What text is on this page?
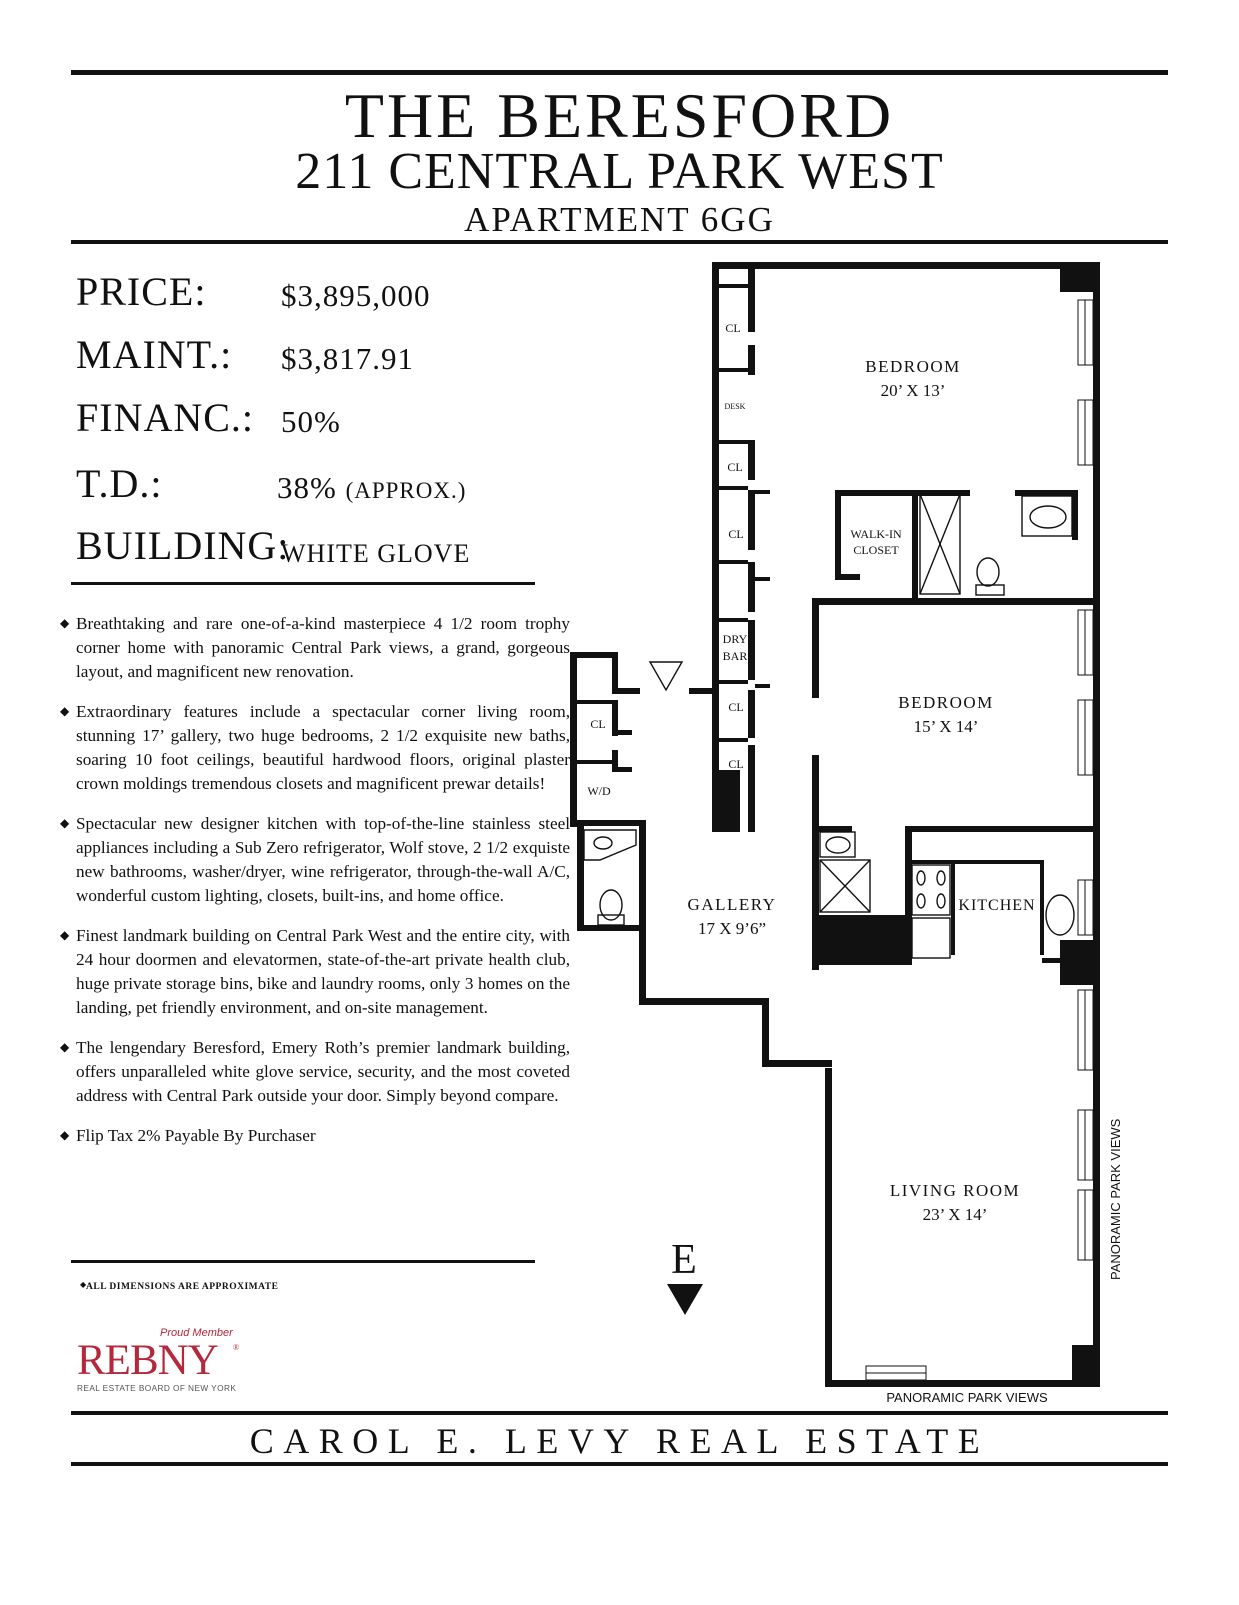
THE BERESFORD
211 CENTRAL PARK WEST
APARTMENT 6GG
PRICE: $3,895,000
MAINT.: $3,817.91
FINANC.: 50%
T.D.:	38% (APPROX.)
BUILDING:
WHITE GLOVE
◆ Breathtaking and rare one-of-a-kind masterpiece 4 1/2 room trophy corner home with panoramic Central Park views, a grand, gorgeous layout, and magnificent new renovation.
◆ Extraordinary features include a spectacular corner living room, stunning 17’ gallery, two huge bedrooms, 2 1/2 exquisite new baths, soaring 10 foot ceilings, beautiful hardwood floors, original plaster crown moldings tremendous closets and magnificent prewar details!
◆ Spectacular new designer kitchen with top-of-the-line stainless steel appliances including a Sub Zero refrigerator, Wolf stove, 2 1/2 exquiste new bathrooms, washer/dryer, wine refrigerator, through-the-wall A/C, wonderful custom lighting, closets, built-ins, and home office.
◆ Finest landmark building on Central Park West and the entire city, with 24 hour doormen and elevatormen, state-of-the-art private health club, huge private storage bins, bike and laundry rooms, only 3 homes on the landing, pet friendly environment, and on-site management.
◆ The lengendary Beresford, Emery Roth’s premier landmark building, offers unparalleled white glove service, security, and the most coveted address with Central Park outside your door. Simply beyond compare.
◆ Flip Tax 2% Payable By Purchaser
◆ ALL DIMENSIONS ARE APPROXIMATE
Proud Member
REBNY ®
REAL ESTATE BOARD OF NEW YORK
BEDROOM
20’ X 13’
BEDROOM
15’ X 14’
GALLERY
17 X 9’6”
LIVING ROOM
23’ X 14’
KITCHEN
WALK-IN
CLOSET
CL
DESK
CL
CL
DRY
BAR
CL
CL
CL
W/D
E	PANORAMIC PARK VIEWS
PANORAMIC PARK VIEWS
CAROL E. LEVY REAL ESTATE
